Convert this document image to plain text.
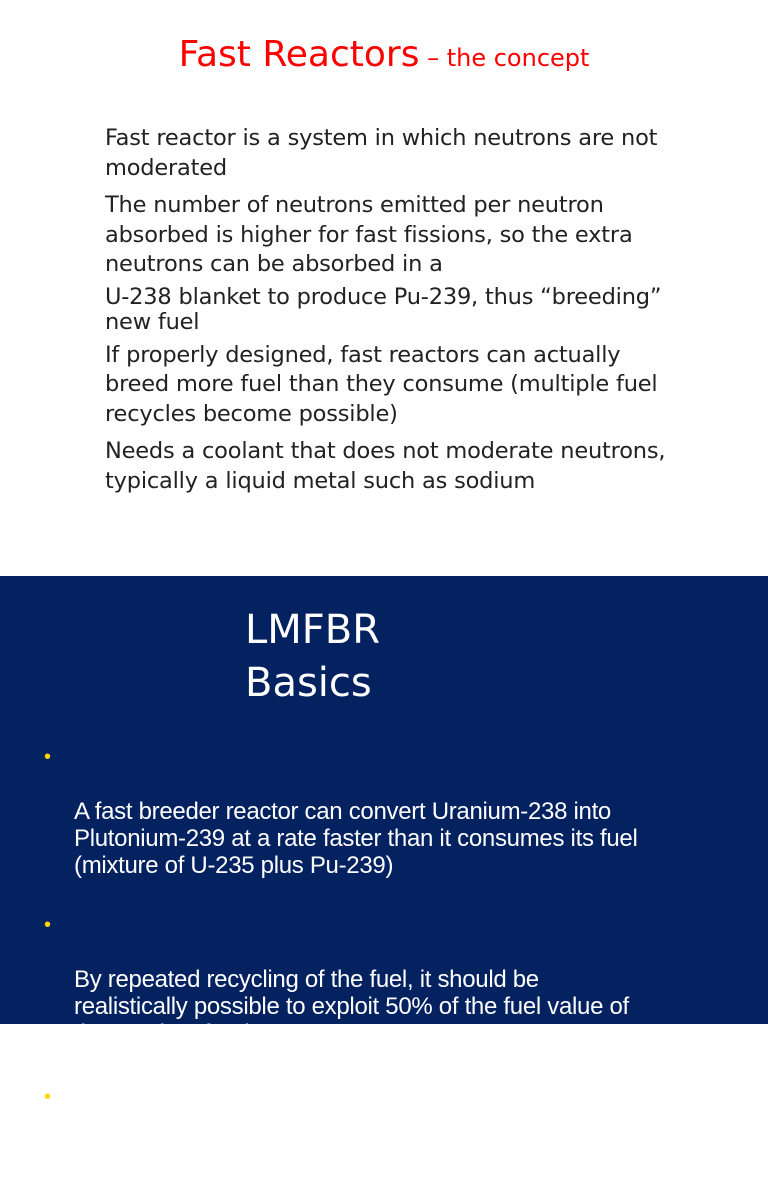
Fast Reactors – the concept

Fast reactor is a system in which neutrons are not
moderated

The number of neutrons emitted per neutron
absorbed is higher for fast fissions, so the extra
neutrons can be absorbed in a

U-238 blanket to produce Pu-239, thus “breeding”
new fuel

If properly designed, fast reactors can actually
breed more fuel than they consume (multiple fuel
recycles become possible)

Needs a coolant that does not moderate neutrons,
typically a liquid metal such as sodium

LMFBR
Basics

•

A fast breeder reactor can convert Uranium-238 into
Plutonium-239 at a rate faster than it consumes its fuel
(mixture of U-235 plus Pu-239)

•

By repeated recycling of the fuel, it should be
realistically possible to exploit 50% of the fuel value of
the uranium feed

•

This means that fast reactors could extend the energy
output from the world's uranium fuel reserves about 25
